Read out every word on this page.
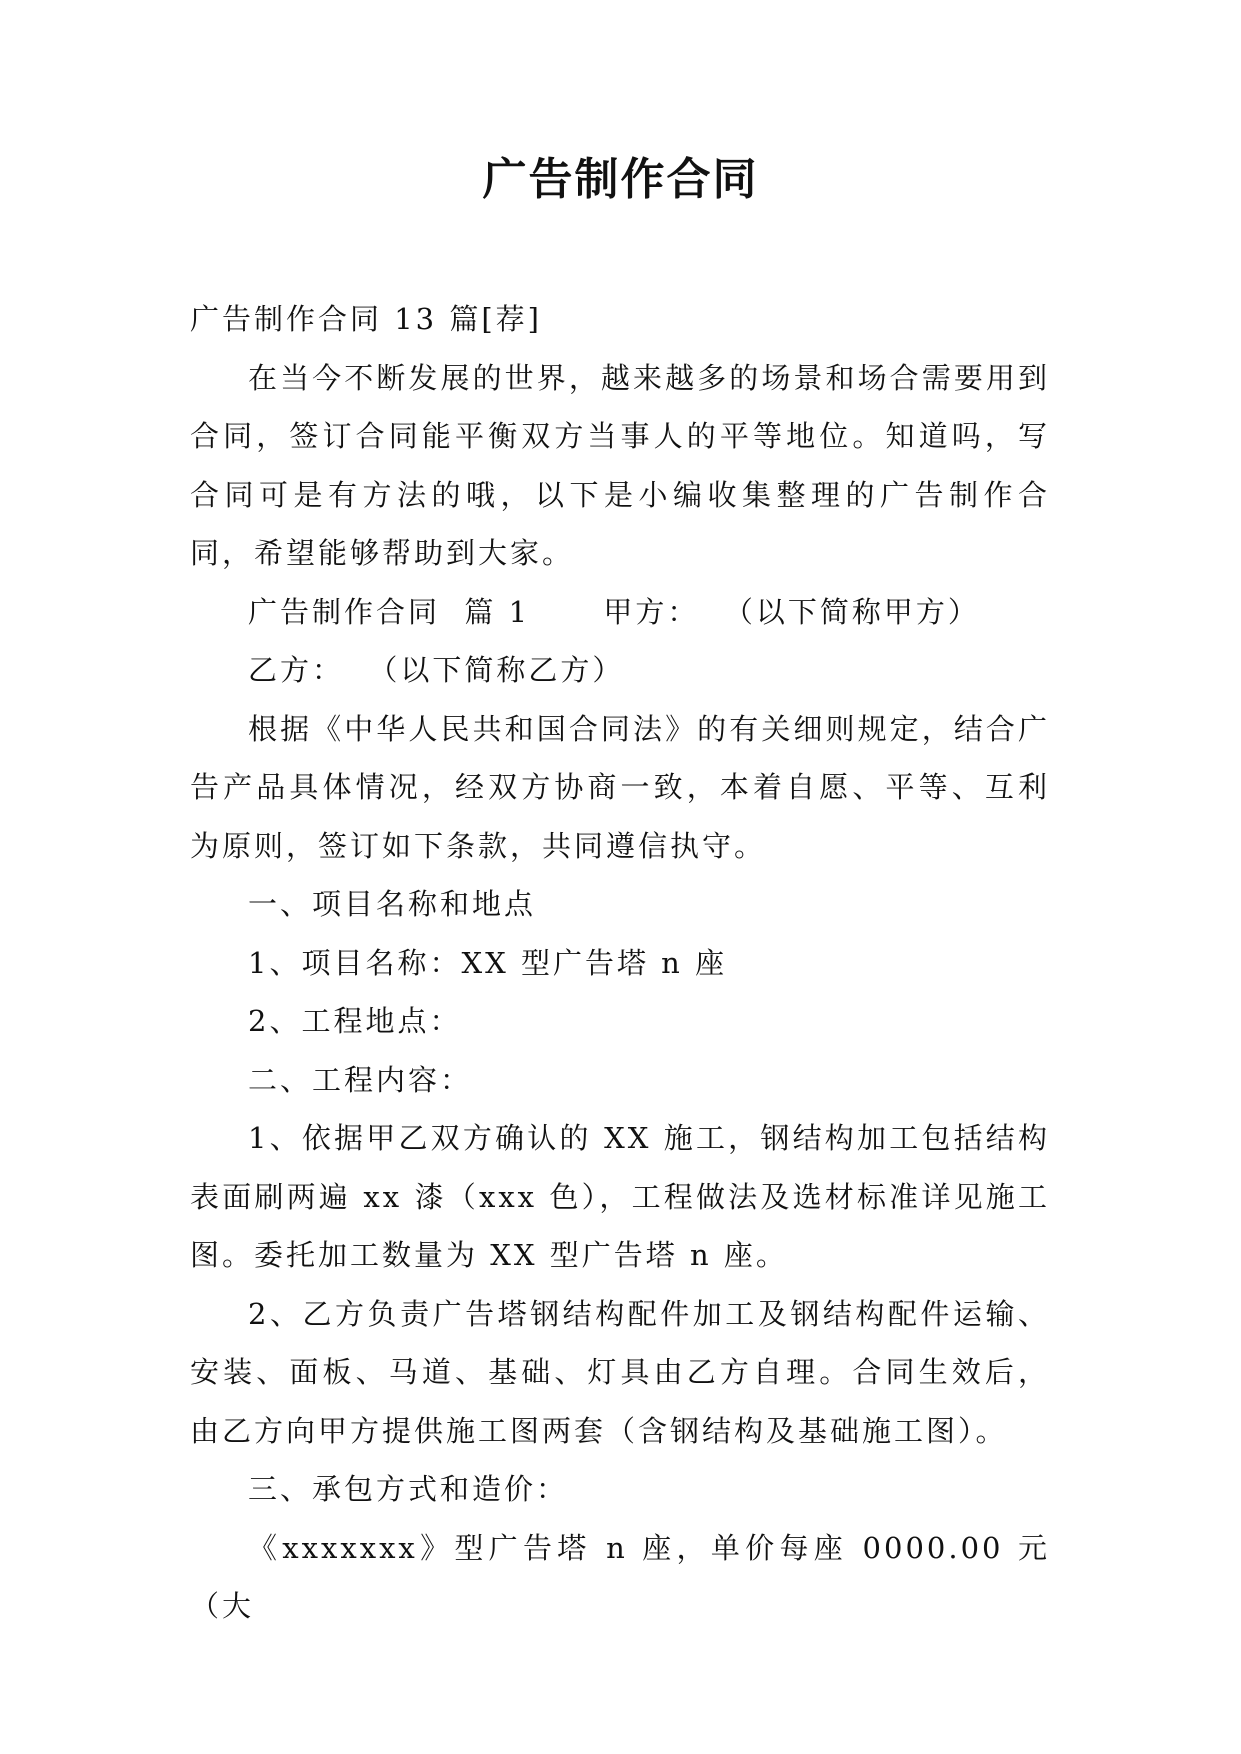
广告制作合同

广告制作合同 13 篇[荐]

在当今不断发展的世界，越来越多的场景和场合需要用到合同，签订合同能平衡双方当事人的平等地位。知道吗，写合同可是有方法的哦，以下是小编收集整理的广告制作合同，希望能够帮助到大家。

广告制作合同  篇 1      甲方：  （以下简称甲方）

乙方：  （以下简称乙方）

根据《中华人民共和国合同法》的有关细则规定，结合广告产品具体情况，经双方协商一致，本着自愿、平等、互利为原则，签订如下条款，共同遵信执守。

一、项目名称和地点

1、项目名称：XX 型广告塔 n 座

2、工程地点：

二、工程内容：

1、依据甲乙双方确认的 XX 施工，钢结构加工包括结构表面刷两遍 xx 漆（xxx 色），工程做法及选材标准详见施工图。委托加工数量为 XX 型广告塔 n 座。

2、乙方负责广告塔钢结构配件加工及钢结构配件运输、安装、面板、马道、基础、灯具由乙方自理。合同生效后，由乙方向甲方提供施工图两套（含钢结构及基础施工图）。

三、承包方式和造价：

《xxxxxxx》型广告塔 n 座，单价每座 0000.00 元（大
